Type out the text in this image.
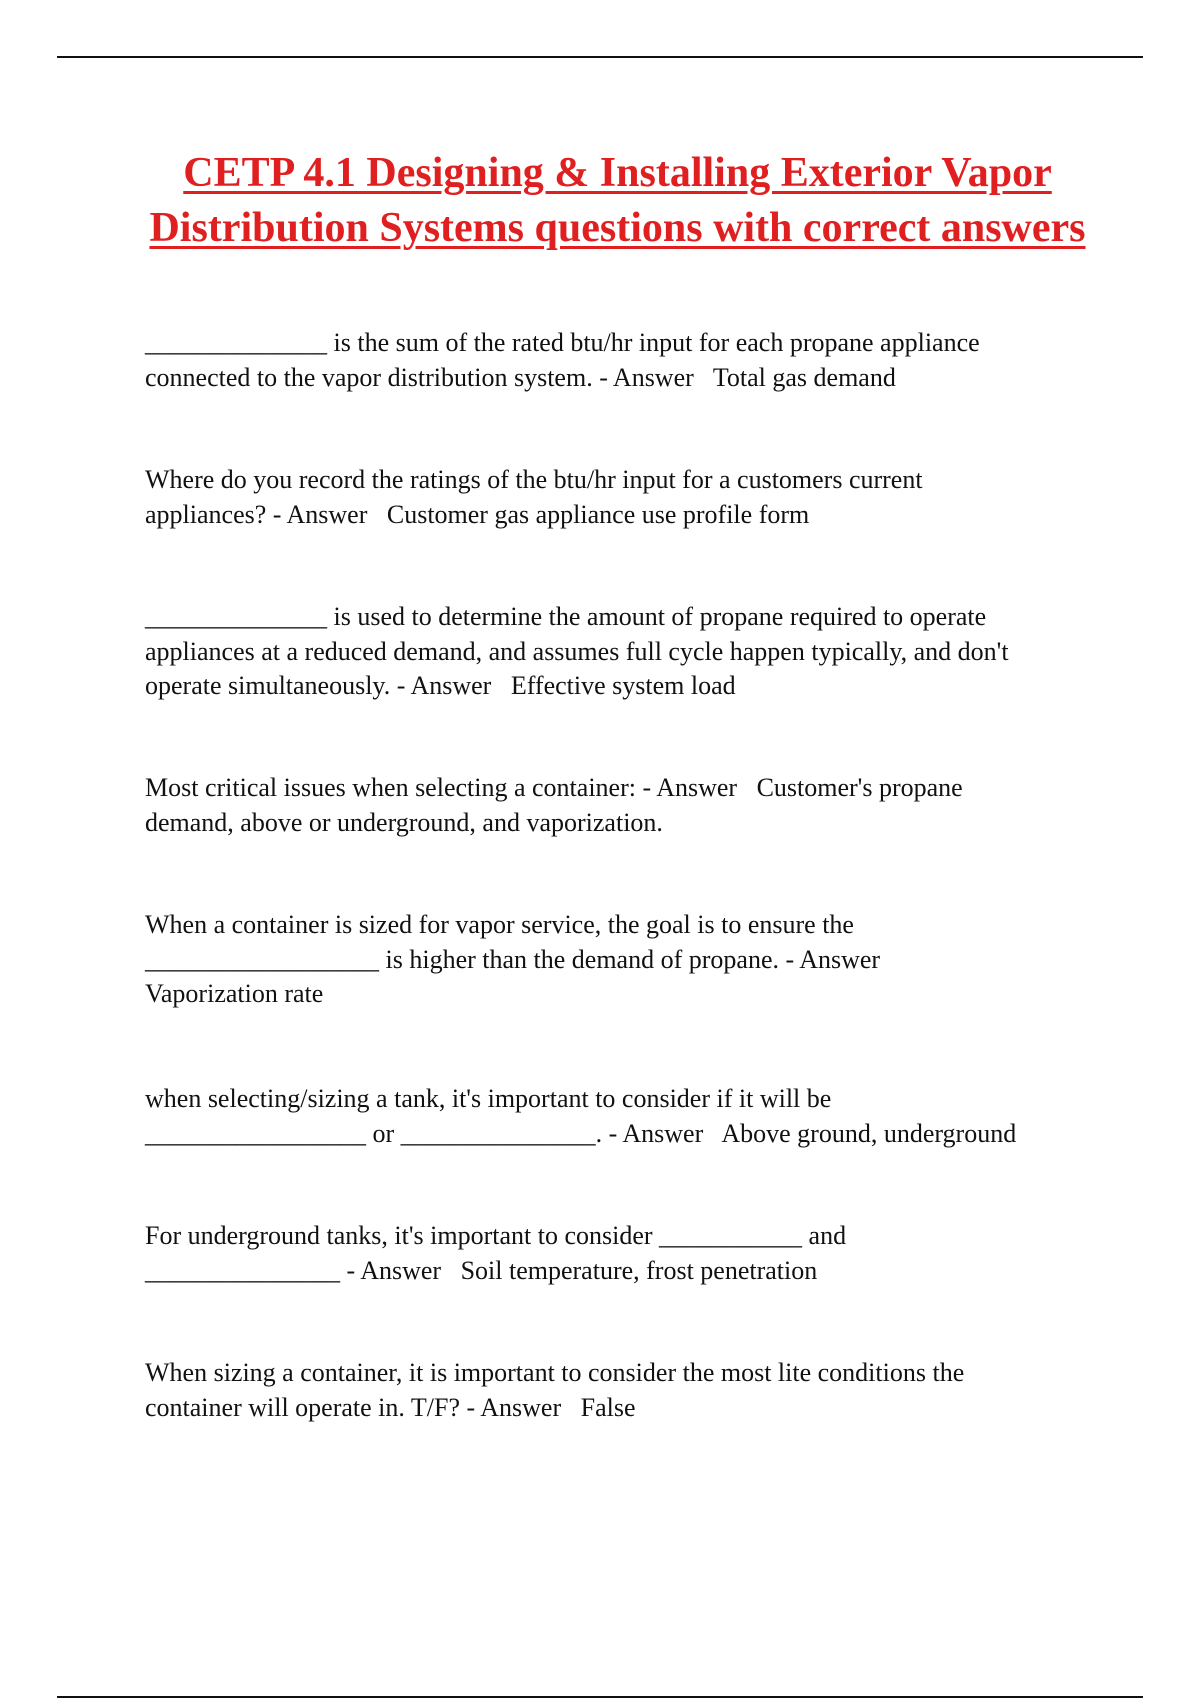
CETP 4.1 Designing & Installing Exterior Vapor Distribution Systems questions with correct answers

______________ is the sum of the rated btu/hr input for each propane appliance
connected to the vapor distribution system. - Answer Total gas demand

Where do you record the ratings of the btu/hr input for a customers current
appliances? - Answer Customer gas appliance use profile form

______________ is used to determine the amount of propane required to operate
appliances at a reduced demand, and assumes full cycle happen typically, and don't
operate simultaneously. - Answer Effective system load

Most critical issues when selecting a container: - Answer Customer's propane
demand, above or underground, and vaporization.

When a container is sized for vapor service, the goal is to ensure the
__________________ is higher than the demand of propane. - Answer
Vaporization rate

when selecting/sizing a tank, it's important to consider if it will be
_________________ or _______________. - Answer Above ground, underground

For underground tanks, it's important to consider ___________ and
_______________ - Answer Soil temperature, frost penetration

When sizing a container, it is important to consider the most lite conditions the
container will operate in. T/F? - Answer False
